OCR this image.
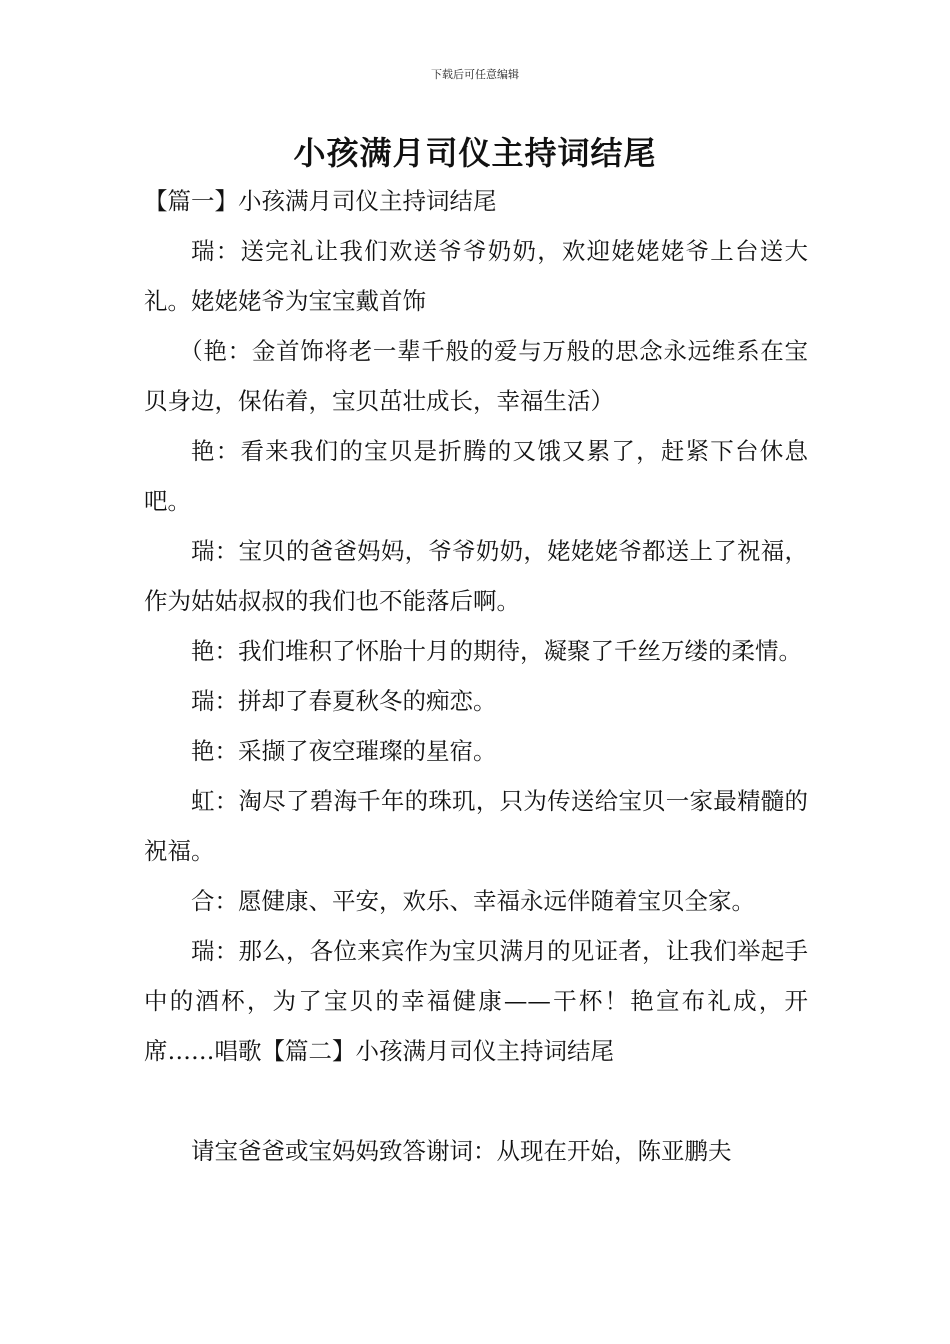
下载后可任意编辑
小孩满月司仪主持词结尾

【篇一】小孩满月司仪主持词结尾

瑞：送完礼让我们欢送爷爷奶奶，欢迎姥姥姥爷上台送大礼。姥姥姥爷为宝宝戴首饰

（艳：金首饰将老一辈千般的爱与万般的思念永远维系在宝贝身边，保佑着，宝贝茁壮成长，幸福生活）

艳：看来我们的宝贝是折腾的又饿又累了，赶紧下台休息吧。

瑞：宝贝的爸爸妈妈，爷爷奶奶，姥姥姥爷都送上了祝福，作为姑姑叔叔的我们也不能落后啊。

艳：我们堆积了怀胎十月的期待，凝聚了千丝万缕的柔情。

瑞：拼却了春夏秋冬的痴恋。

艳：采撷了夜空璀璨的星宿。

虹：淘尽了碧海千年的珠玑，只为传送给宝贝一家最精髓的祝福。

合：愿健康、平安，欢乐、幸福永远伴随着宝贝全家。

瑞：那么，各位来宾作为宝贝满月的见证者，让我们举起手中的酒杯，为了宝贝的幸福健康——干杯！艳宣布礼成，开席……唱歌【篇二】小孩满月司仪主持词结尾

请宝爸爸或宝妈妈致答谢词：从现在开始，陈亚鹏夫
